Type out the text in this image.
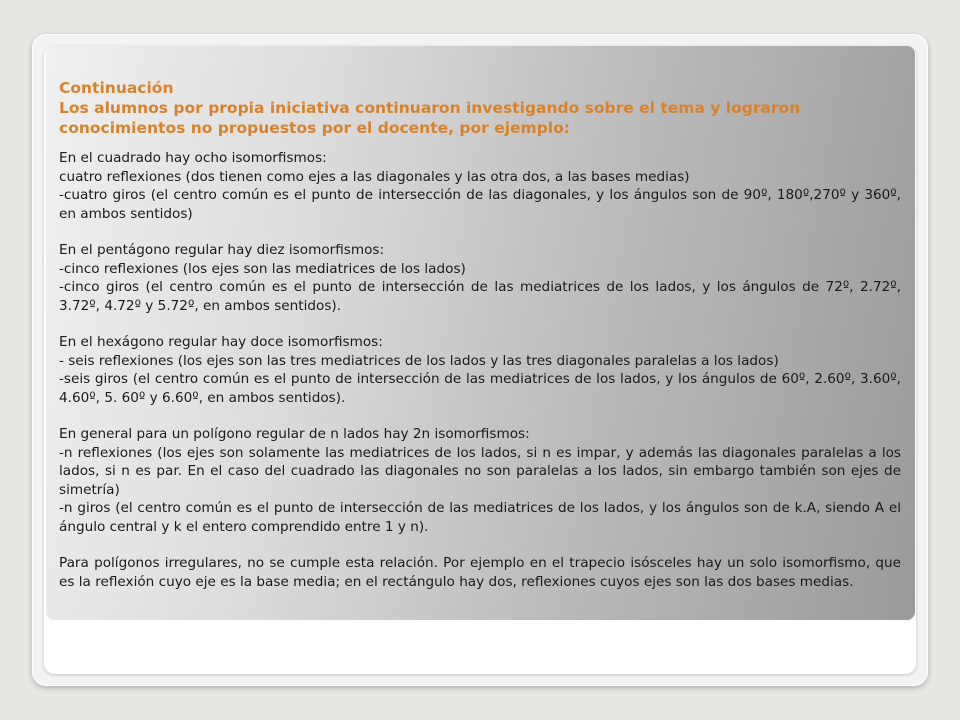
Continuación

Los alumnos por propia iniciativa continuaron investigando sobre el tema y lograron conocimientos no propuestos por el docente, por ejemplo:

En el cuadrado hay ocho isomorfismos:

cuatro reflexiones (dos tienen como ejes a las diagonales y las otra dos, a las bases medias)

-cuatro giros (el centro común es el punto de intersección de las diagonales, y los ángulos son de 90º, 180º,270º y 360º, en ambos sentidos)

En el pentágono regular hay diez isomorfismos:

-cinco reflexiones (los ejes son las mediatrices de los lados)

-cinco giros (el centro común es el punto de intersección de las mediatrices de los lados, y los ángulos de 72º, 2.72º, 3.72º, 4.72º y 5.72º, en ambos sentidos).

En el hexágono regular hay doce isomorfismos:

- seis reflexiones (los ejes son las tres mediatrices de los lados y las tres diagonales paralelas a los lados)

-seis giros (el centro común es el punto de intersección de las mediatrices de los lados, y los ángulos de 60º, 2.60º, 3.60º, 4.60º, 5. 60º y 6.60º, en ambos sentidos).

En general para un polígono regular de n lados hay 2n isomorfismos:

-n reflexiones (los ejes son solamente las mediatrices de los lados, si n es impar, y además las diagonales paralelas a los lados, si n es par. En el caso del cuadrado las diagonales no son paralelas a los lados, sin embargo también son ejes de simetría)

-n giros (el centro común es el punto de intersección de las mediatrices de los lados, y los ángulos son de k.A, siendo A el ángulo central y k el entero comprendido entre 1 y n).

Para polígonos irregulares, no se cumple esta relación. Por ejemplo en el trapecio isósceles hay un solo isomorfismo, que es la reflexión cuyo eje es la base media; en el rectángulo hay dos, reflexiones cuyos ejes son las dos bases medias.
